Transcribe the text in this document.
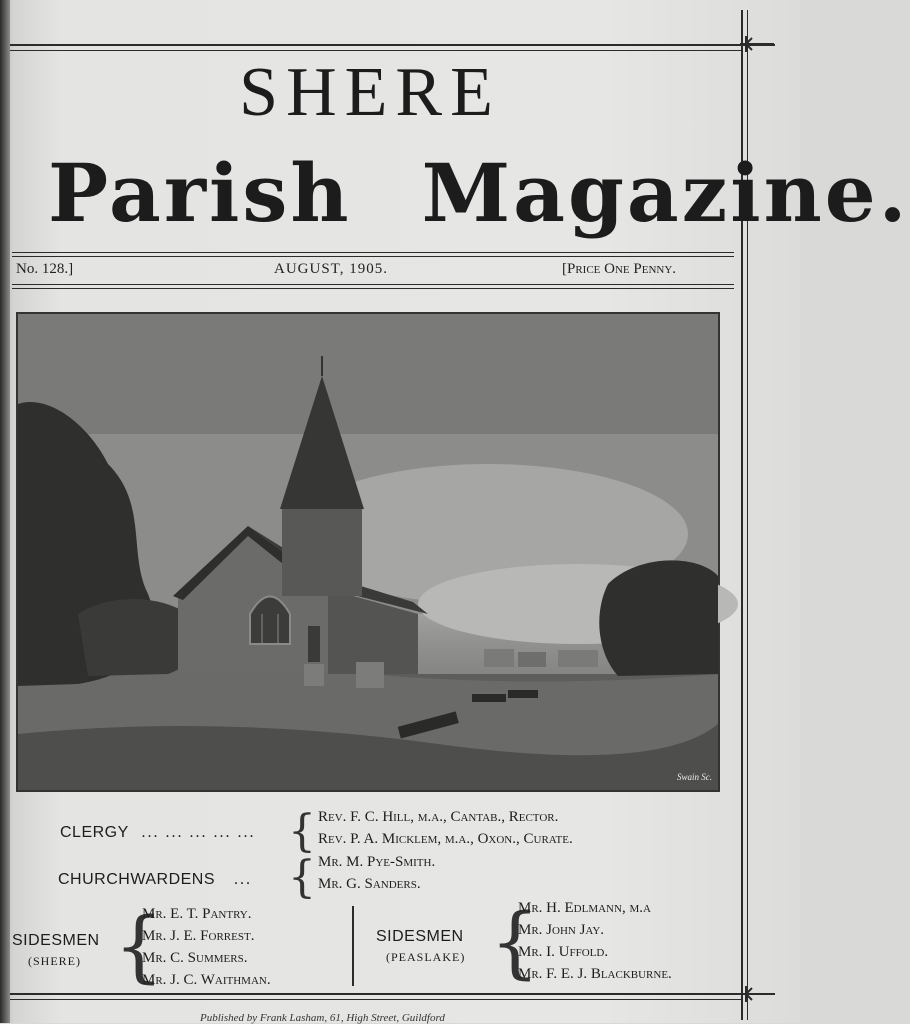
SHERE
Parish Magazine.
No. 128.]	AUGUST, 1905.	[Price One Penny.
Swain Sc.
CLERGY ... ... ... ... ... { Rev. F. C. Hill, m.a., Cantab., Rector.
Rev. P. A. Micklem, m.a., Oxon., Curate.
CHURCHWARDENS ... { Mr. M. Pye-Smith.
Mr. G. Sanders.
SIDESMEN
(SHERE) {
Mr. E. T. Pantry.
Mr. J. E. Forrest.
Mr. C. Summers.
Mr. J. C. Waithman.
SIDESMEN
(PEASLAKE) {
Mr. H. Edlmann, m.a
Mr. John Jay.
Mr. I. Uffold.
Mr. F. E. J. Blackburne.
Published by Frank Lasham, 61, High Street, Guildford
